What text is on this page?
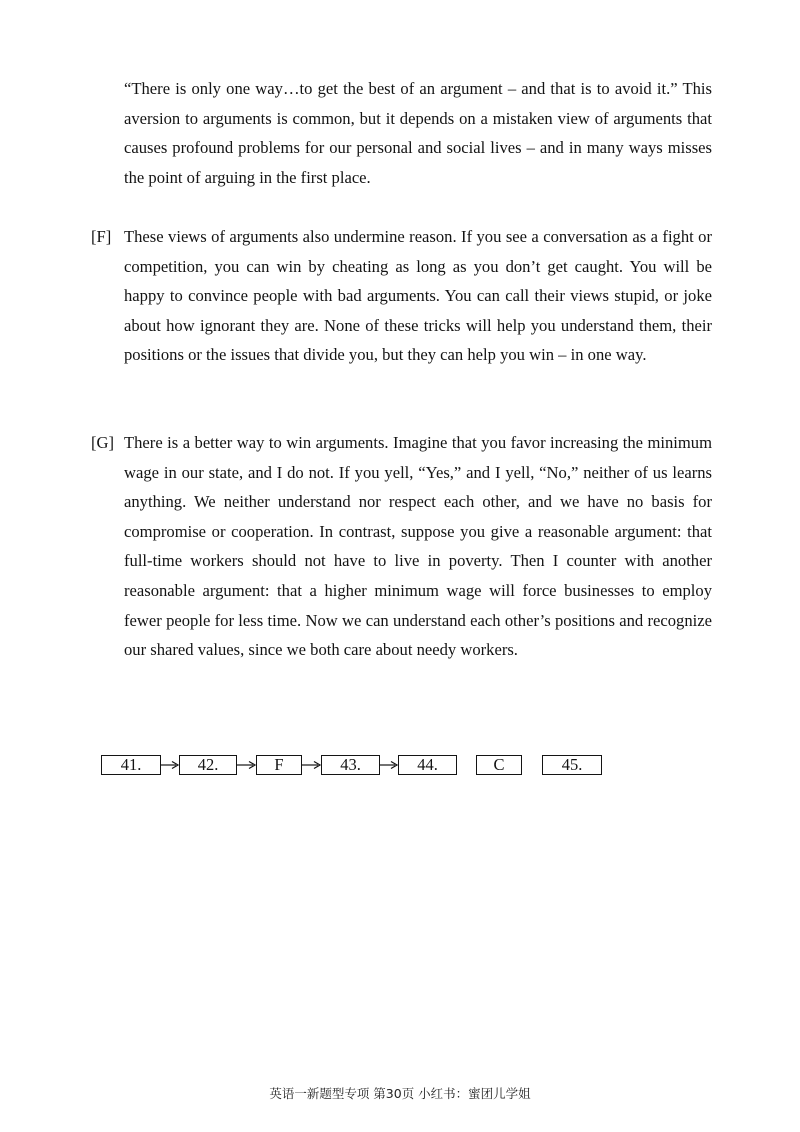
“There is only one way…to get the best of an argument – and that is to avoid it.” This aversion to arguments is common, but it depends on a mistaken view of arguments that causes profound problems for our personal and social lives – and in many ways misses the point of arguing in the first place.

[F] These views of arguments also undermine reason. If you see a conversation as a fight or competition, you can win by cheating as long as you don’t get caught. You will be happy to convince people with bad arguments. You can call their views stupid, or joke about how ignorant they are. None of these tricks will help you understand them, their positions or the issues that divide you, but they can help you win – in one way.

[G] There is a better way to win arguments. Imagine that you favor increasing the minimum wage in our state, and I do not. If you yell, “Yes,” and I yell, “No,” neither of us learns anything. We neither understand nor respect each other, and we have no basis for compromise or cooperation. In contrast, suppose you give a reasonable argument: that full-time workers should not have to live in poverty. Then I counter with another reasonable argument: that a higher minimum wage will force businesses to employ fewer people for less time. Now we can understand each other’s positions and recognize our shared values, since we both care about needy workers.

41.	42.	F	43.	44.	C	45.
英语一新题型专项 第30页 小红书：蜜团儿学姐
